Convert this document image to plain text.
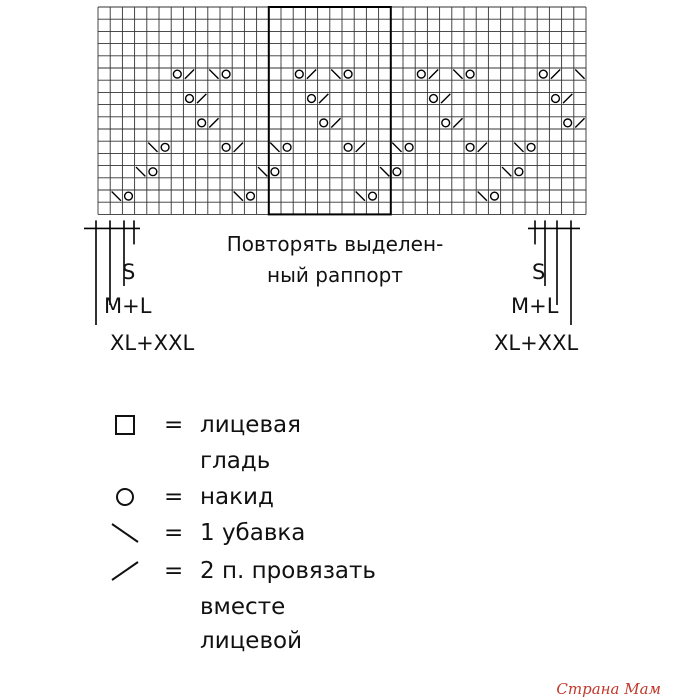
Повторять выделен-
ный раппорт
S
M+L
XL+XXL
S
M+L
XL+XXL
= лицевая
гладь
= накид
= 1 убавка
= 2 п. провязать
вместе
лицевой
Страна Мам
